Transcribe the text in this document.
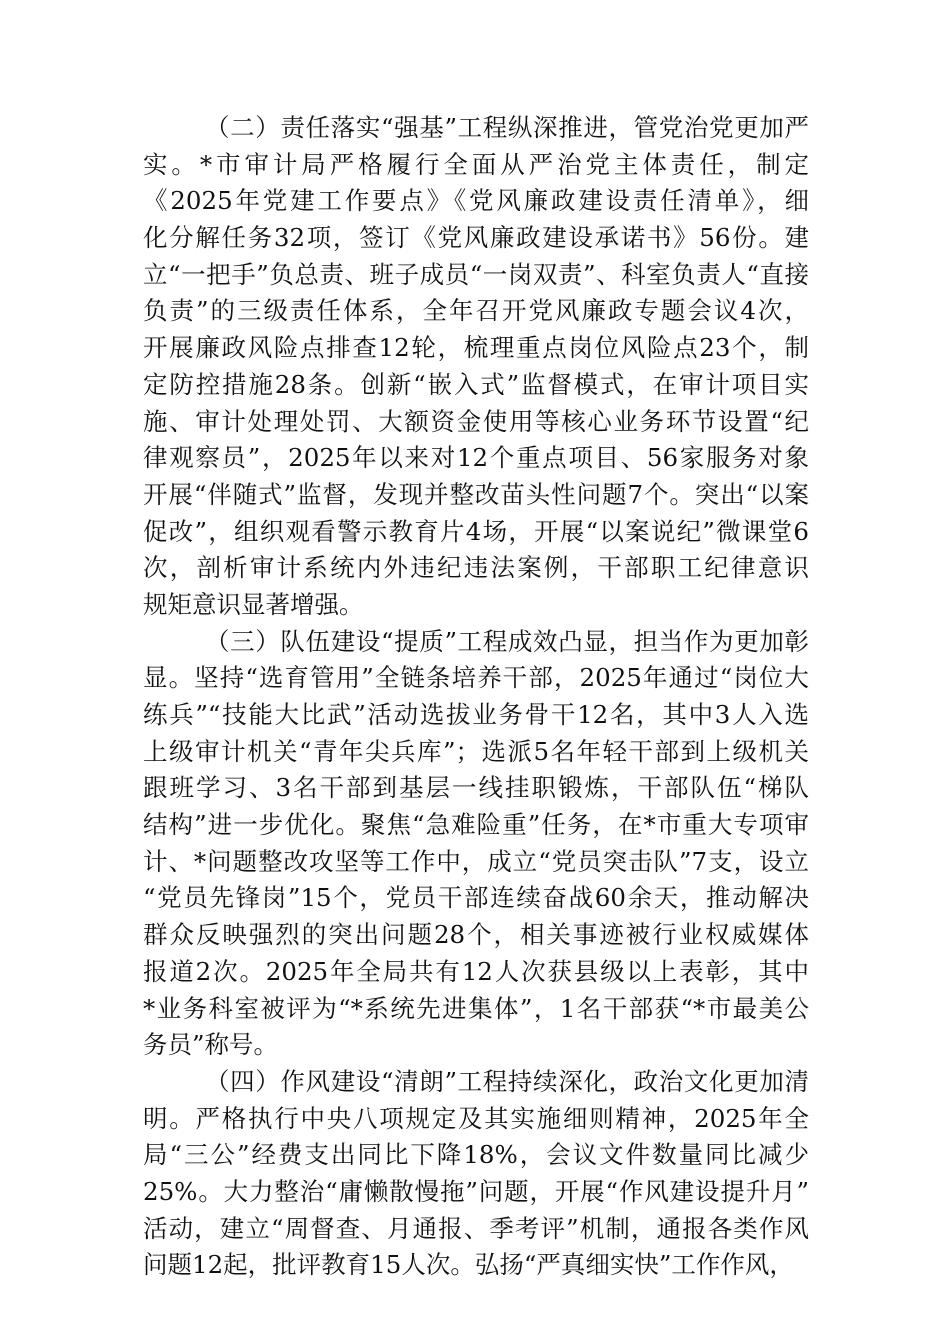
（二）责任落实“强基”工程纵深推进，管党治党更加严
实。*市审计局严格履行全面从严治党主体责任，制定
《2025年党建工作要点》《党风廉政建设责任清单》，细
化分解任务32项，签订《党风廉政建设承诺书》56份。建
立“一把手”负总责、班子成员“一岗双责”、科室负责人“直接
负责”的三级责任体系，全年召开党风廉政专题会议4次，
开展廉政风险点排查12轮，梳理重点岗位风险点23个，制
定防控措施28条。创新“嵌入式”监督模式，在审计项目实
施、审计处理处罚、大额资金使用等核心业务环节设置“纪
律观察员”，2025年以来对12个重点项目、56家服务对象
开展“伴随式”监督，发现并整改苗头性问题7个。突出“以案
促改”，组织观看警示教育片4场，开展“以案说纪”微课堂6
次，剖析审计系统内外违纪违法案例，干部职工纪律意识
规矩意识显著增强。
（三）队伍建设“提质”工程成效凸显，担当作为更加彰
显。坚持“选育管用”全链条培养干部，2025年通过“岗位大
练兵”“技能大比武”活动选拔业务骨干12名，其中3人入选
上级审计机关“青年尖兵库”；选派5名年轻干部到上级机关
跟班学习、3名干部到基层一线挂职锻炼，干部队伍“梯队
结构”进一步优化。聚焦“急难险重”任务，在*市重大专项审
计、*问题整改攻坚等工作中，成立“党员突击队”7支，设立
“党员先锋岗”15个，党员干部连续奋战60余天，推动解决
群众反映强烈的突出问题28个，相关事迹被行业权威媒体
报道2次。2025年全局共有12人次获县级以上表彰，其中
*业务科室被评为“*系统先进集体”，1名干部获“*市最美公
务员”称号。
（四）作风建设“清朗”工程持续深化，政治文化更加清
明。严格执行中央八项规定及其实施细则精神，2025年全
局“三公”经费支出同比下降18%，会议文件数量同比减少
25%。大力整治“庸懒散慢拖”问题，开展“作风建设提升月”
活动，建立“周督查、月通报、季考评”机制，通报各类作风
问题12起，批评教育15人次。弘扬“严真细实快”工作作风，
